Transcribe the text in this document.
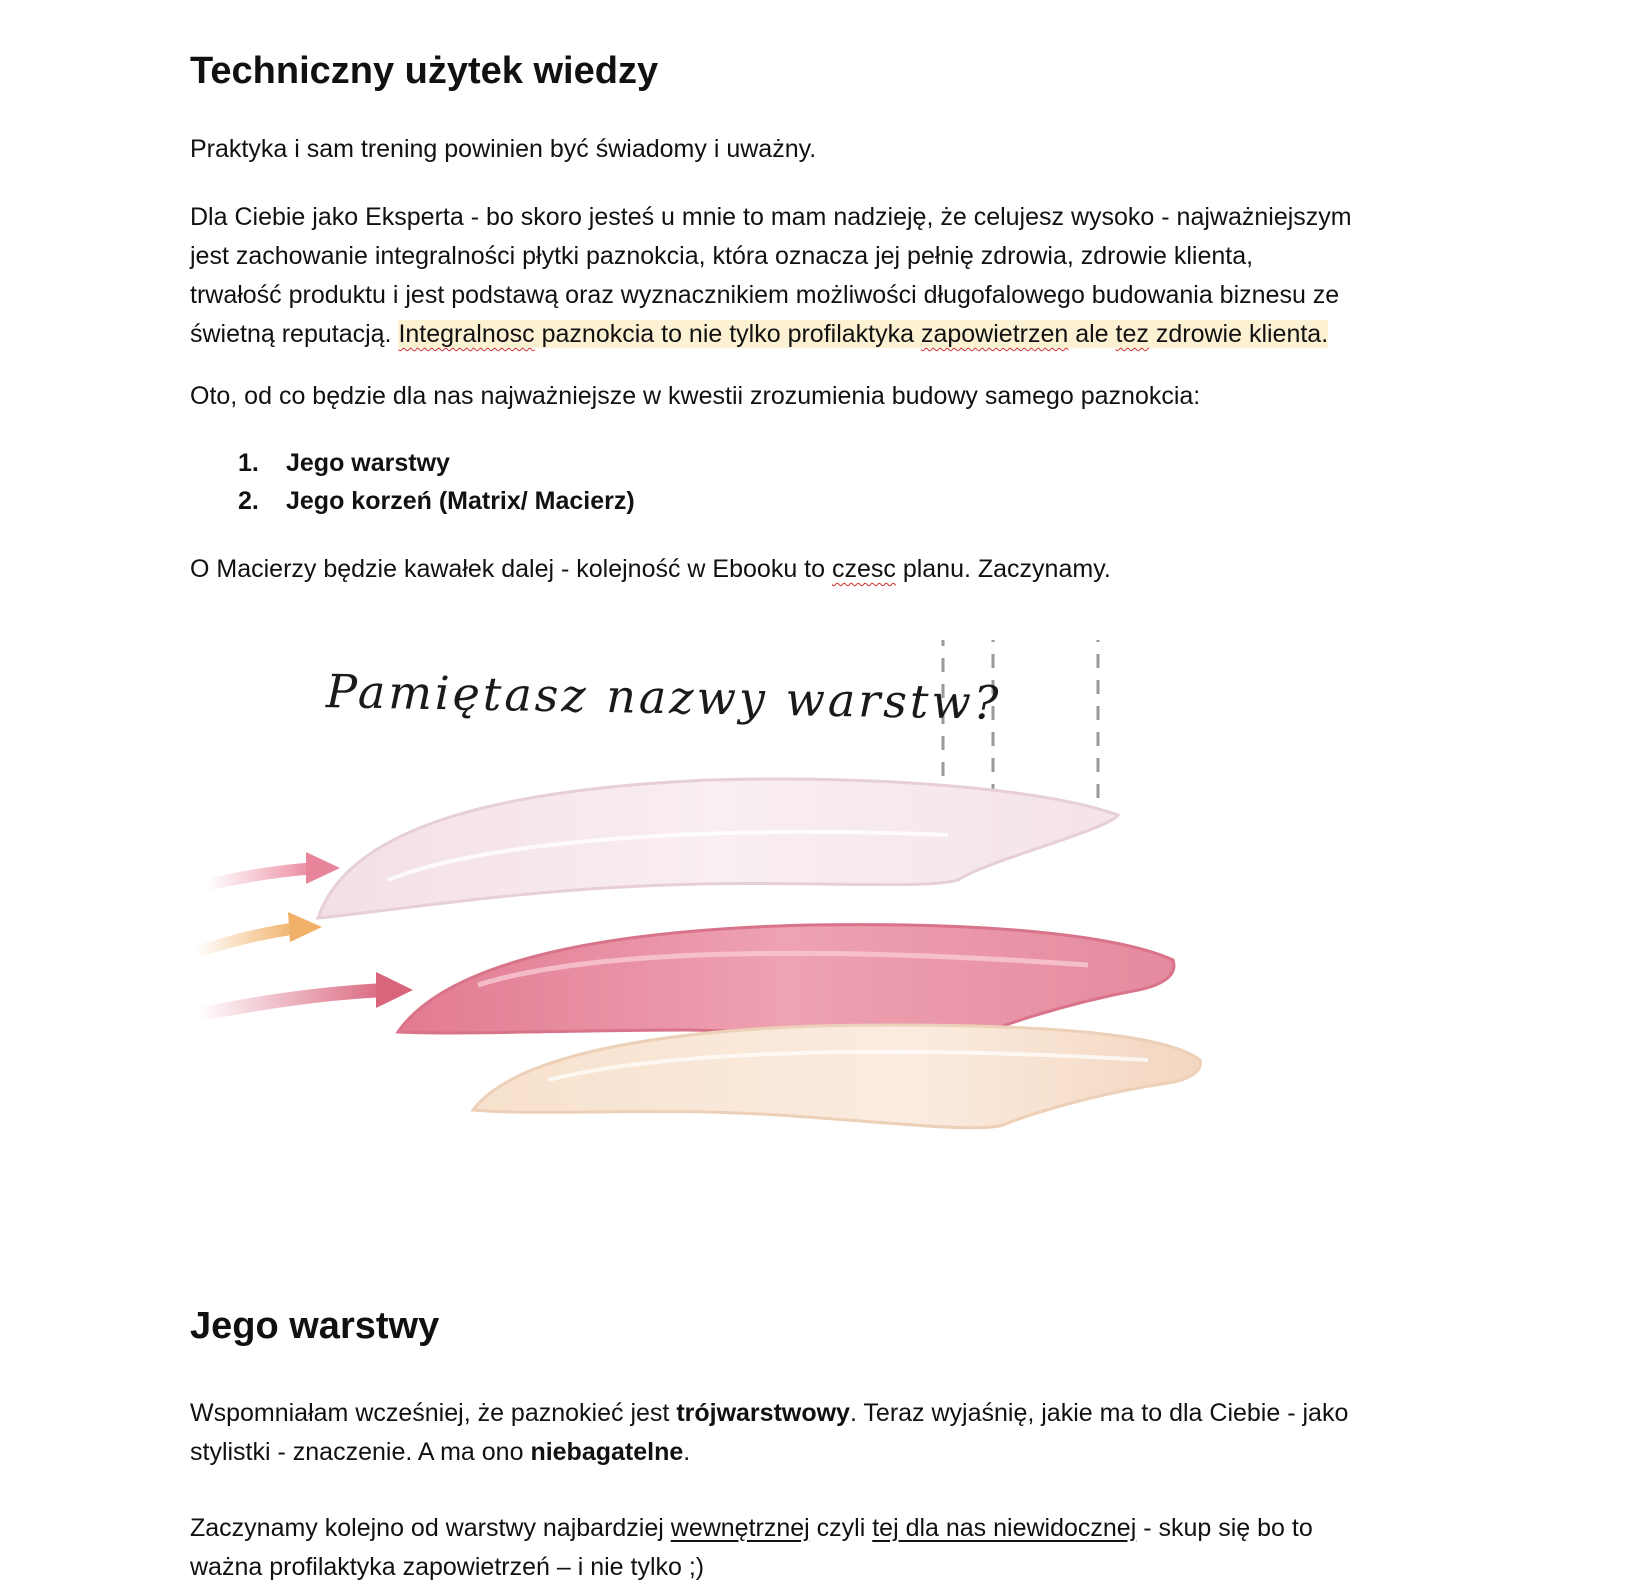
Techniczny użytek wiedzy
Praktyka i sam trening powinien być świadomy i uważny.
Dla Ciebie jako Eksperta - bo skoro jesteś u mnie to mam nadzieję, że celujesz wysoko - najważniejszym
jest zachowanie integralności płytki paznokcia, która oznacza jej pełnię zdrowia, zdrowie klienta,
trwałość produktu i jest podstawą oraz wyznacznikiem możliwości długofalowego budowania biznesu ze
świetną reputacją. Integralnosc paznokcia to nie tylko profilaktyka zapowietrzen ale tez zdrowie klienta.
Oto, od co będzie dla nas najważniejsze w kwestii zrozumienia budowy samego paznokcia:
1.	Jego warstwy
2.	Jego korzeń (Matrix/ Macierz)
O Macierzy będzie kawałek dalej - kolejność w Ebooku to czesc planu. Zaczynamy.
Pamiętasz nazwy warstw?
Jego warstwy
Wspomniałam wcześniej, że paznokieć jest trójwarstwowy. Teraz wyjaśnię, jakie ma to dla Ciebie - jako
stylistki - znaczenie. A ma ono niebagatelne.
Zaczynamy kolejno od warstwy najbardziej wewnętrznej czyli tej dla nas niewidocznej - skup się bo to
ważna profilaktyka zapowietrzeń – i nie tylko ;)
